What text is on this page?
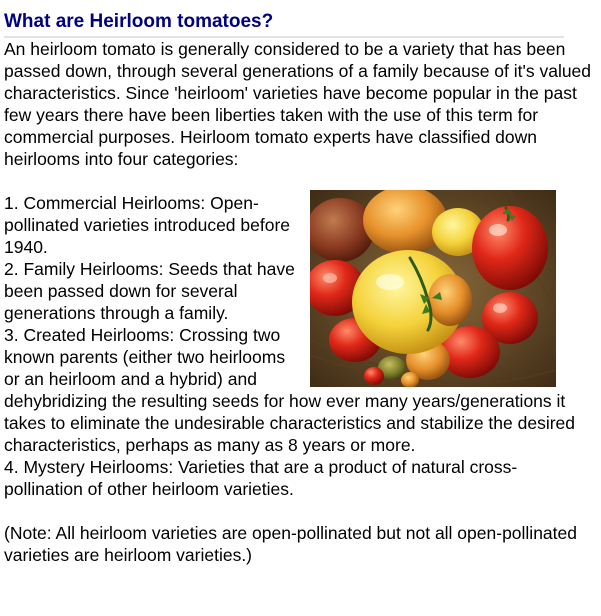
What are Heirloom tomatoes?

An heirloom tomato is generally considered to be a variety that has been passed down, through several generations of a family because of it's valued characteristics. Since 'heirloom' varieties have become popular in the past few years there have been liberties taken with the use of this term for commercial purposes. Heirloom tomato experts have classified down heirlooms into four categories:

1. Commercial Heirlooms: Open-pollinated varieties introduced before 1940.

2. Family Heirlooms: Seeds that have been passed down for several generations through a family.

3. Created Heirlooms: Crossing two known parents (either two heirlooms or an heirloom and a hybrid) and dehybridizing the resulting seeds for how ever many years/generations it takes to eliminate the undesirable characteristics and stabilize the desired characteristics, perhaps as many as 8 years or more.

4. Mystery Heirlooms: Varieties that are a product of natural cross-pollination of other heirloom varieties.

(Note: All heirloom varieties are open-pollinated but not all open-pollinated varieties are heirloom varieties.)
